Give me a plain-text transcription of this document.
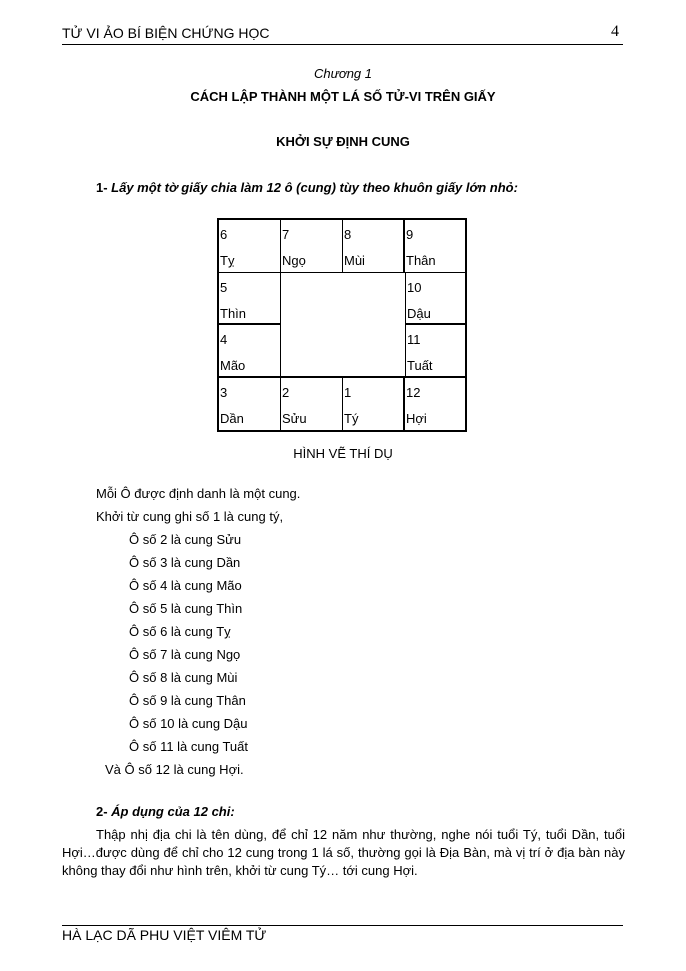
TỬ VI ẢO BÍ BIỆN CHỨNG HỌC	4
Chương 1
CÁCH LẬP THÀNH MỘT LÁ SỐ TỬ-VI TRÊN GIẤY
KHỞI SỰ ĐỊNH CUNG
1- Lấy một tờ giấy chia làm 12 ô (cung) tùy theo khuôn giấy lớn nhỏ:
6
Tỵ
7
Ngọ
8
Mùi
9
Thân
5
Thìn
10
Dậu
4
Mão
11
Tuất
3
Dần
2
Sửu
1
Tý
12
Hợi
HÌNH VẼ THÍ DỤ
Mỗi Ô được định danh là một cung.
Khởi từ cung ghi số 1 là cung tý,
Ô số 2 là cung Sửu
Ô số 3 là cung Dần
Ô số 4 là cung Mão
Ô số 5 là cung Thìn
Ô số 6 là cung Tỵ
Ô số 7 là cung Ngọ
Ô số 8 là cung Mùi
Ô số 9 là cung Thân
Ô số 10 là cung Dậu
Ô số 11 là cung Tuất
Và Ô số 12 là cung Hợi.
2- Áp dụng của 12 chi:
Thập nhị địa chi là tên dùng, để chỉ 12 năm như thường, nghe nói tuổi Tý, tuổi Dần, tuổi Hợi…được dùng để chỉ cho 12 cung trong 1 lá số, thường gọi là Địa Bàn, mà vị trí ở địa bàn này không thay đổi như hình trên, khởi từ cung Tý… tới cung Hợi.
HÀ LẠC DÃ PHU VIỆT VIÊM TỬ
